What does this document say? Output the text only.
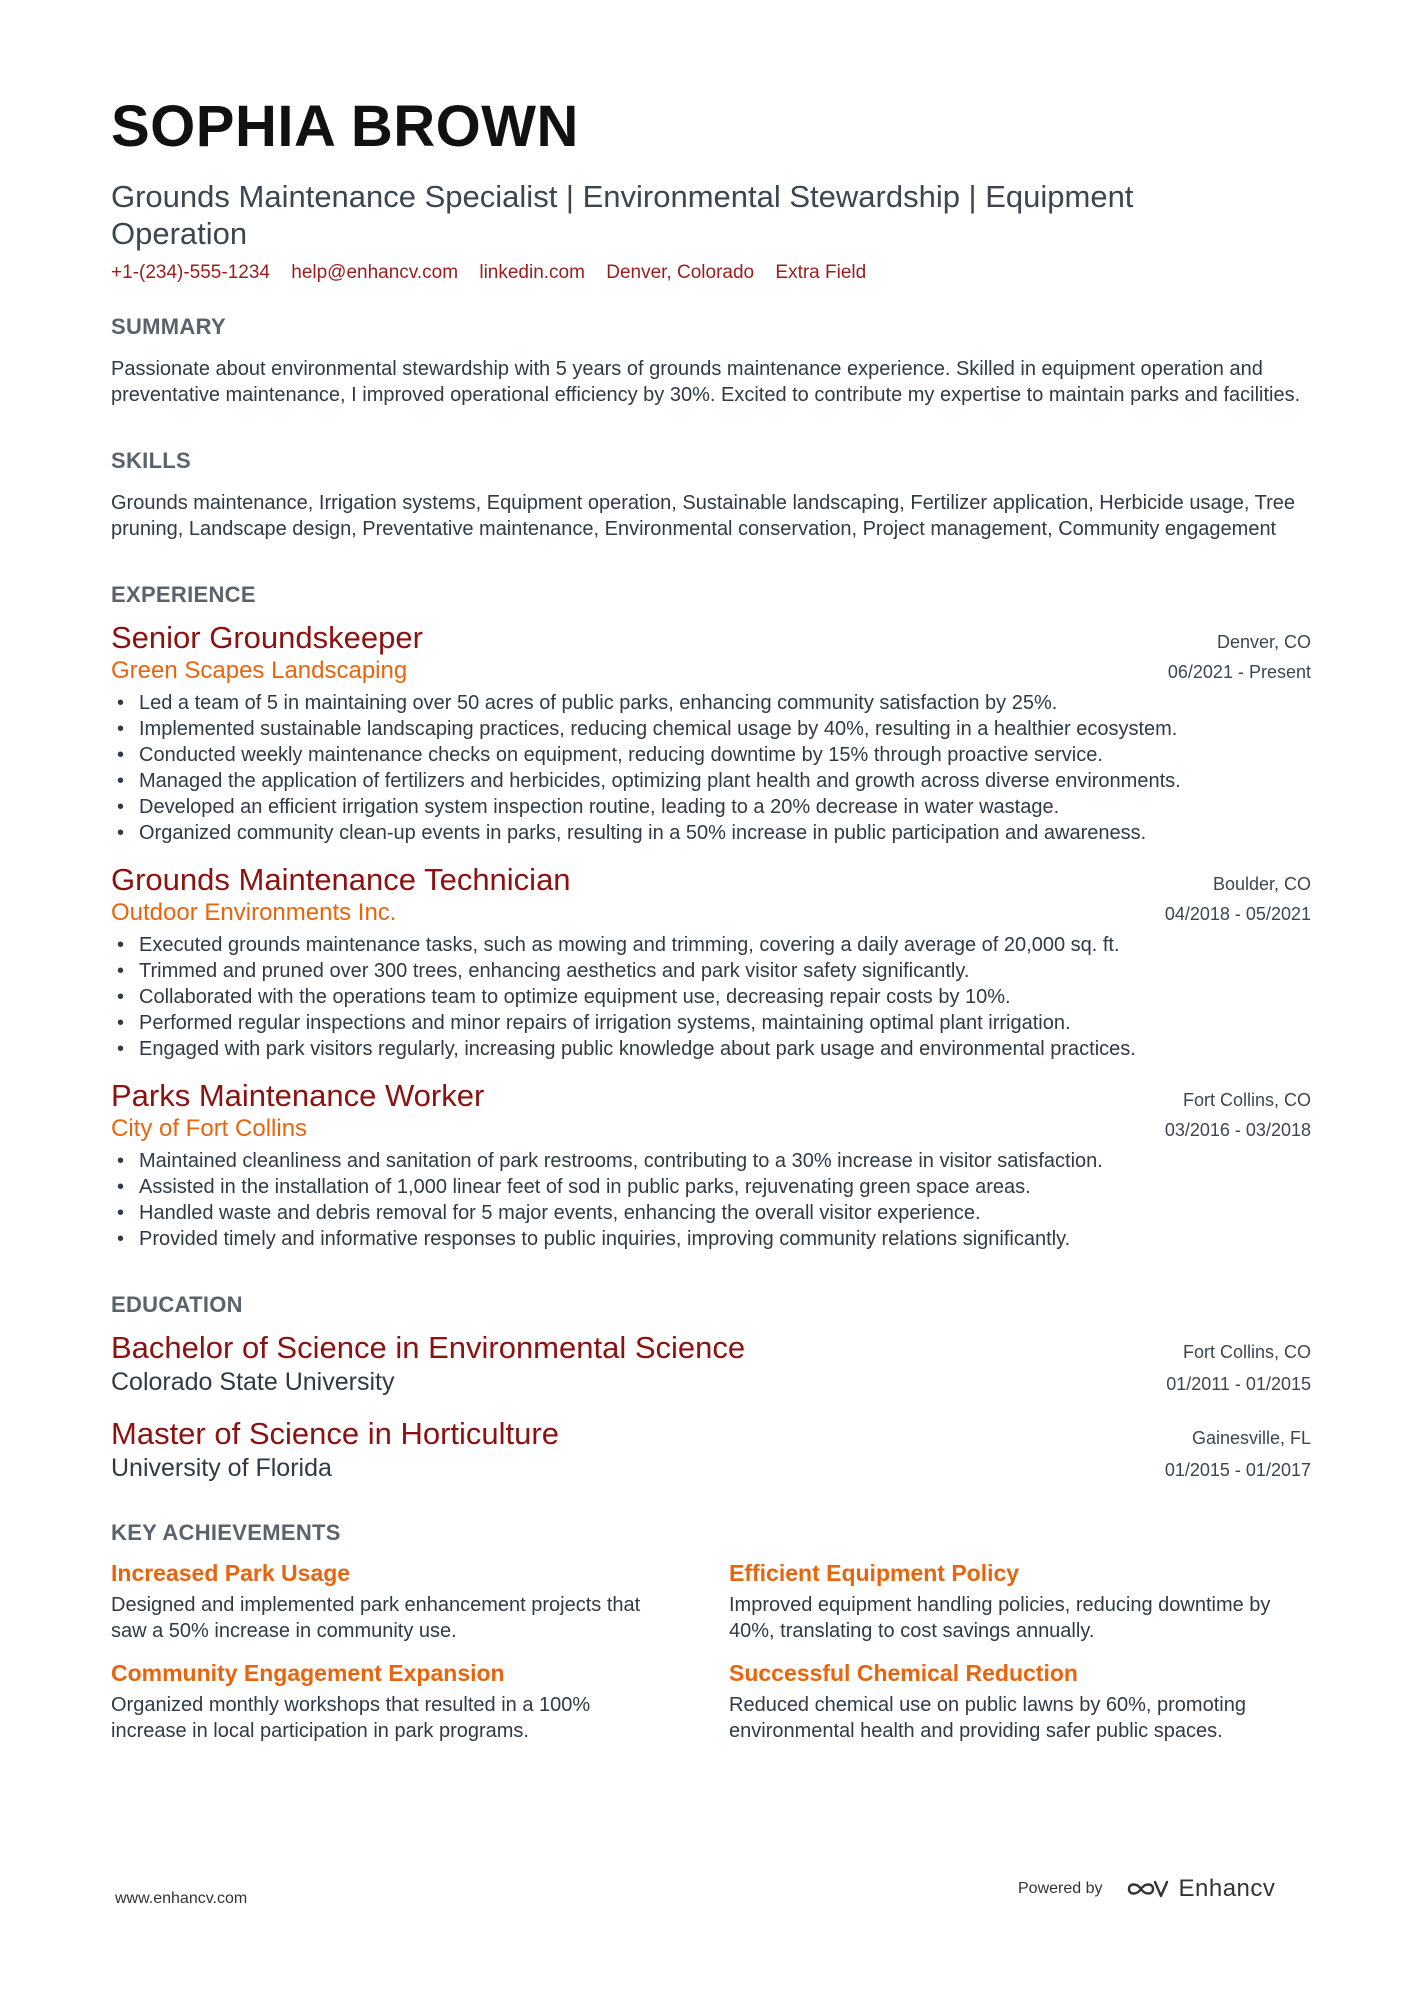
SOPHIA BROWN
Grounds Maintenance Specialist | Environmental Stewardship | Equipment Operation
+1-(234)-555-1234 help@enhancv.com linkedin.com Denver, Colorado Extra Field
SUMMARY
Passionate about environmental stewardship with 5 years of grounds maintenance experience. Skilled in equipment operation and preventative maintenance, I improved operational efficiency by 30%. Excited to contribute my expertise to maintain parks and facilities.
SKILLS
Grounds maintenance, Irrigation systems, Equipment operation, Sustainable landscaping, Fertilizer application, Herbicide usage, Tree pruning, Landscape design, Preventative maintenance, Environmental conservation, Project management, Community engagement
EXPERIENCE
Senior Groundskeeper	Denver, CO
Green Scapes Landscaping	06/2021 - Present
• Led a team of 5 in maintaining over 50 acres of public parks, enhancing community satisfaction by 25%.
• Implemented sustainable landscaping practices, reducing chemical usage by 40%, resulting in a healthier ecosystem.
• Conducted weekly maintenance checks on equipment, reducing downtime by 15% through proactive service.
• Managed the application of fertilizers and herbicides, optimizing plant health and growth across diverse environments.
• Developed an efficient irrigation system inspection routine, leading to a 20% decrease in water wastage.
• Organized community clean-up events in parks, resulting in a 50% increase in public participation and awareness.
Grounds Maintenance Technician	Boulder, CO
Outdoor Environments Inc.	04/2018 - 05/2021
• Executed grounds maintenance tasks, such as mowing and trimming, covering a daily average of 20,000 sq. ft.
• Trimmed and pruned over 300 trees, enhancing aesthetics and park visitor safety significantly.
• Collaborated with the operations team to optimize equipment use, decreasing repair costs by 10%.
• Performed regular inspections and minor repairs of irrigation systems, maintaining optimal plant irrigation.
• Engaged with park visitors regularly, increasing public knowledge about park usage and environmental practices.
Parks Maintenance Worker	Fort Collins, CO
City of Fort Collins	03/2016 - 03/2018
• Maintained cleanliness and sanitation of park restrooms, contributing to a 30% increase in visitor satisfaction.
• Assisted in the installation of 1,000 linear feet of sod in public parks, rejuvenating green space areas.
• Handled waste and debris removal for 5 major events, enhancing the overall visitor experience.
• Provided timely and informative responses to public inquiries, improving community relations significantly.
EDUCATION
Bachelor of Science in Environmental Science	Fort Collins, CO
Colorado State University	01/2011 - 01/2015
Master of Science in Horticulture	Gainesville, FL
University of Florida	01/2015 - 01/2017
KEY ACHIEVEMENTS
Increased Park Usage
Designed and implemented park enhancement projects that saw a 50% increase in community use.
Efficient Equipment Policy
Improved equipment handling policies, reducing downtime by 40%, translating to cost savings annually.
Community Engagement Expansion
Organized monthly workshops that resulted in a 100% increase in local participation in park programs.
Successful Chemical Reduction
Reduced chemical use on public lawns by 60%, promoting environmental health and providing safer public spaces.
www.enhancv.com
Powered by	Enhancv
